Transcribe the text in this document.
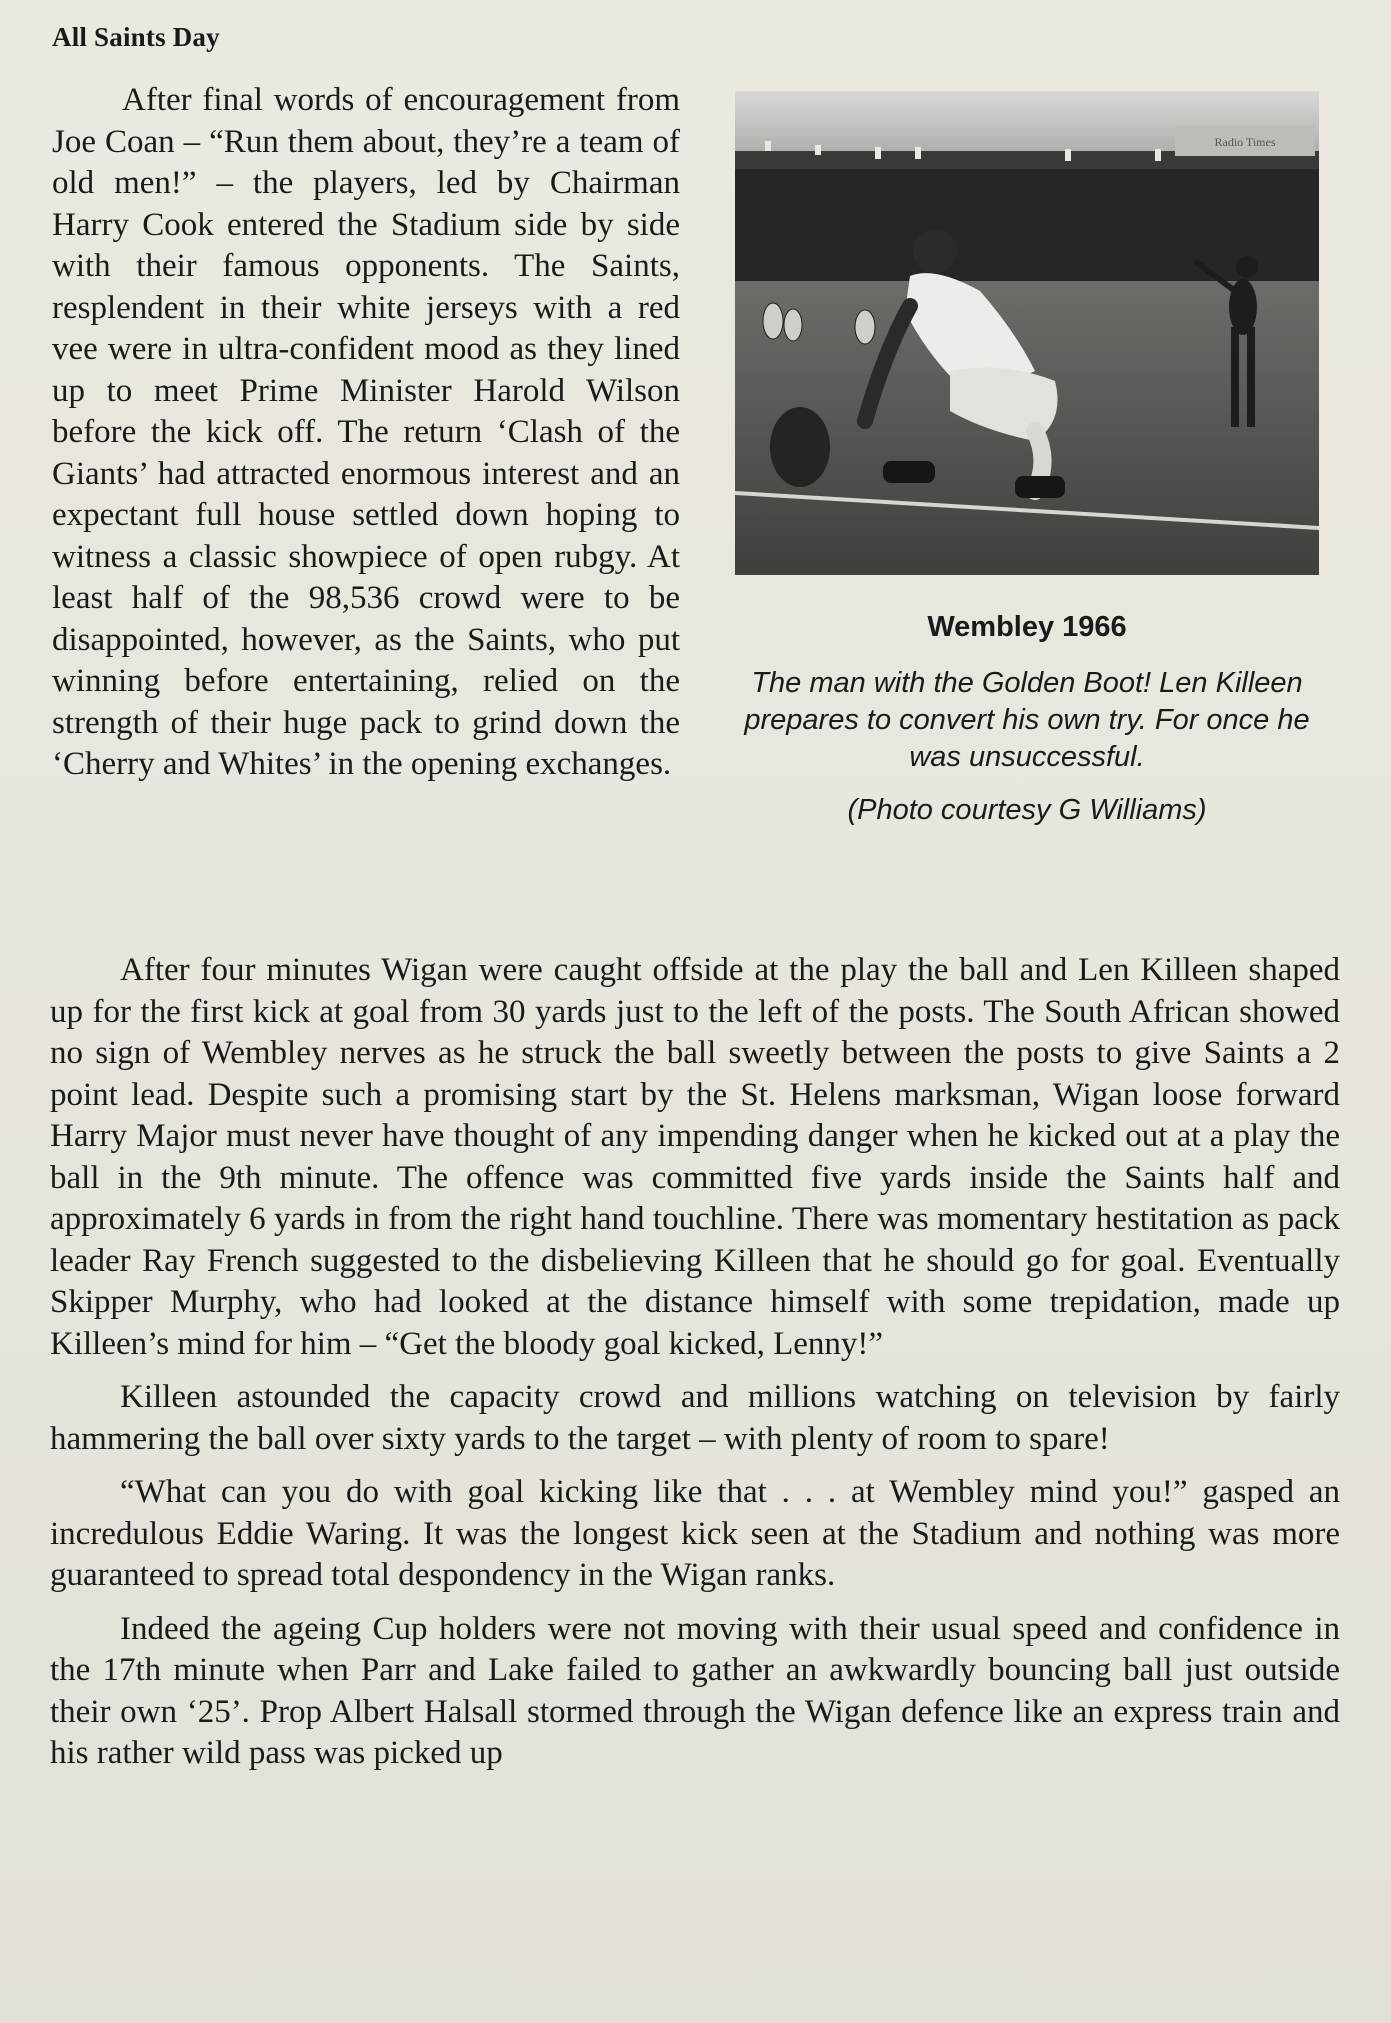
All Saints Day

After final words of encouragement from Joe Coan – “Run them about, they’re a team of old men!” – the players, led by Chairman Harry Cook entered the Stadium side by side with their famous opponents. The Saints, resplendent in their white jerseys with a red vee were in ultra-confident mood as they lined up to meet Prime Minister Harold Wilson before the kick off. The return ‘Clash of the Giants’ had attracted enormous interest and an expectant full house settled down hoping to witness a classic showpiece of open rubgy. At least half of the 98,536 crowd were to be disappointed, however, as the Saints, who put winning before entertaining, relied on the strength of their huge pack to grind down the ‘Cherry and Whites’ in the opening exchanges.

Radio Times
Wembley 1966

The man with the Golden Boot! Len Killeen prepares to convert his own try. For once he was unsuccessful.

(Photo courtesy G Williams)

After four minutes Wigan were caught offside at the play the ball and Len Killeen shaped up for the first kick at goal from 30 yards just to the left of the posts. The South African showed no sign of Wembley nerves as he struck the ball sweetly between the posts to give Saints a 2 point lead. Despite such a promising start by the St. Helens marksman, Wigan loose forward Harry Major must never have thought of any impending danger when he kicked out at a play the ball in the 9th minute. The offence was committed five yards inside the Saints half and approximately 6 yards in from the right hand touchline. There was momentary hestitation as pack leader Ray French suggested to the disbelieving Killeen that he should go for goal. Eventually Skipper Murphy, who had looked at the distance himself with some trepidation, made up Killeen’s mind for him – “Get the bloody goal kicked, Lenny!”

Killeen astounded the capacity crowd and millions watching on television by fairly hammering the ball over sixty yards to the target – with plenty of room to spare!

“What can you do with goal kicking like that . . . at Wembley mind you!” gasped an incredulous Eddie Waring. It was the longest kick seen at the Stadium and nothing was more guaranteed to spread total despondency in the Wigan ranks.

Indeed the ageing Cup holders were not moving with their usual speed and confidence in the 17th minute when Parr and Lake failed to gather an awkwardly bouncing ball just outside their own ‘25’. Prop Albert Halsall stormed through the Wigan defence like an express train and his rather wild pass was picked up
